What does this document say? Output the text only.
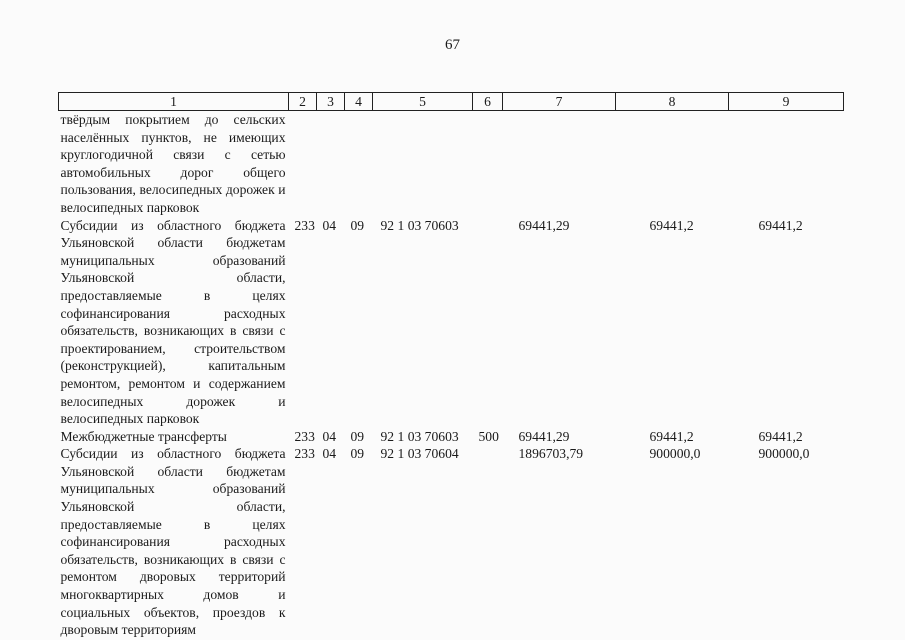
67
1	2	3	4	5	6	7	8	9
твёрдым покрытием до сельских населённых пунктов, не имеющих круглогодичной связи с сетью автомобильных дорог общего пользования, велосипедных дорожек и велосипедных парковок								
Субсидии из областного бюджета Ульяновской области бюджетам муниципальных образований Ульяновской области, предоставляемые в целях софинансирования расходных обязательств, возникающих в связи с проектированием, строительством (реконструкцией), капитальным ремонтом, ремонтом и содержанием велосипедных дорожек и велосипедных парковок	233	04	09	92 1 03 70603		69441,29	69441,2	69441,2
Межбюджетные трансферты	233	04	09	92 1 03 70603	500	69441,29	69441,2	69441,2
Субсидии из областного бюджета Ульяновской области бюджетам муниципальных образований Ульяновской области, предоставляемые в целях софинансирования расходных обязательств, возникающих в связи с ремонтом дворовых территорий многоквартирных домов и социальных объектов, проездов к дворовым территориям	233	04	09	92 1 03 70604		1896703,79	900000,0	900000,0
